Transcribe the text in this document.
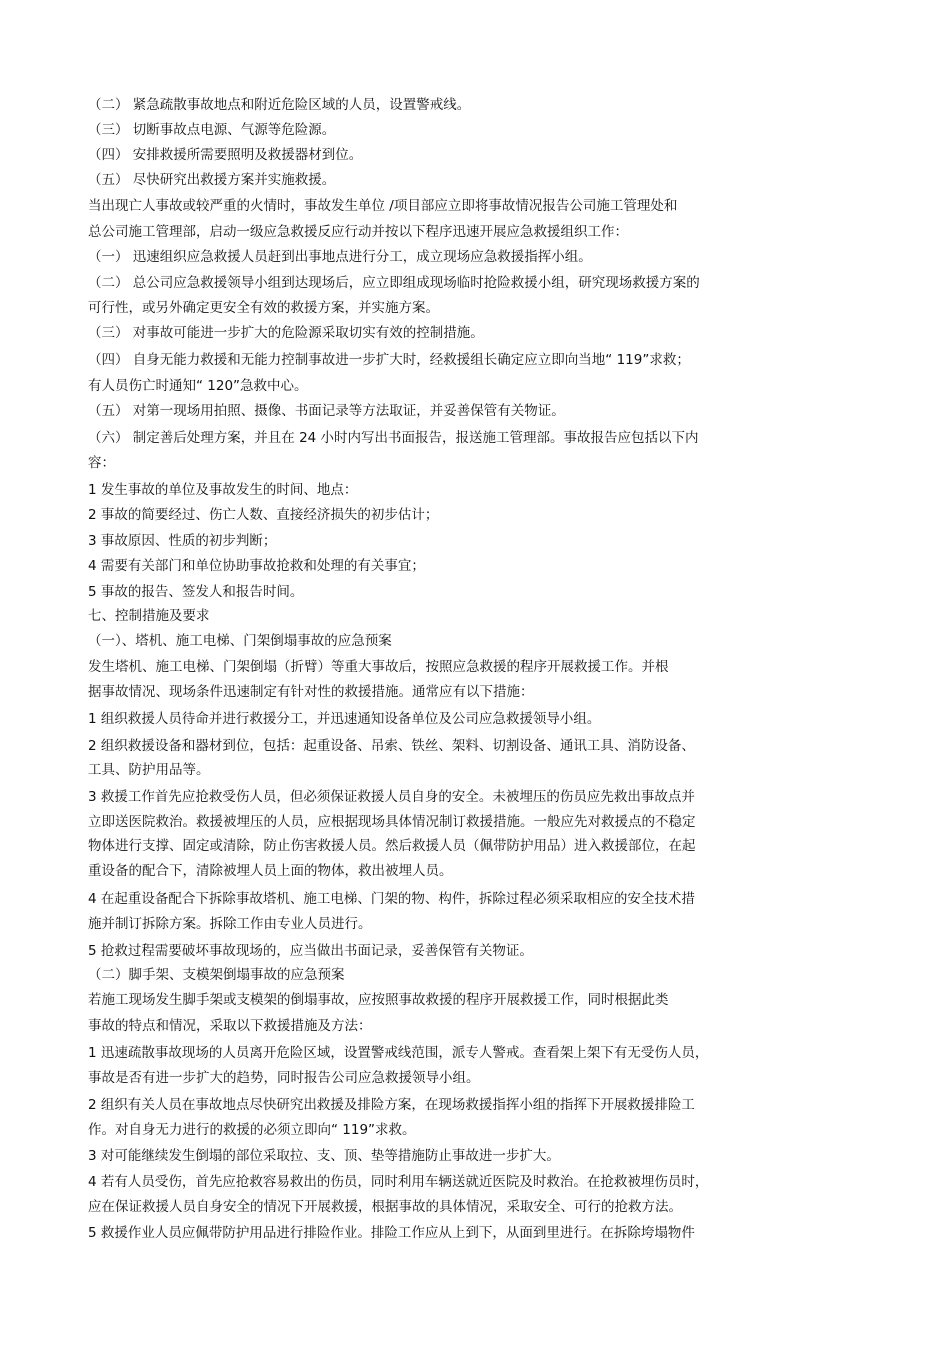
（二） 紧急疏散事故地点和附近危险区域的人员，设置警戒线。
（三） 切断事故点电源、气源等危险源。
（四） 安排救援所需要照明及救援器材到位。
（五） 尽快研究出救援方案并实施救援。
当出现亡人事故或较严重的火情时，事故发生单位 /项目部应立即将事故情况报告公司施工管理处和
总公司施工管理部，启动一级应急救援反应行动并按以下程序迅速开展应急救援组织工作：
（一） 迅速组织应急救援人员赶到出事地点进行分工，成立现场应急救援指挥小组。
（二） 总公司应急救援领导小组到达现场后，应立即组成现场临时抢险救援小组，研究现场救援方案的
可行性，或另外确定更安全有效的救援方案，并实施方案。
（三） 对事故可能进一步扩大的危险源采取切实有效的控制措施。
（四） 自身无能力救援和无能力控制事故进一步扩大时，经救援组长确定应立即向当地“ 119”求救；
有人员伤亡时通知“ 120”急救中心。
（五） 对第一现场用拍照、摄像、书面记录等方法取证，并妥善保管有关物证。
（六） 制定善后处理方案，并且在 24 小时内写出书面报告，报送施工管理部。事故报告应包括以下内
容：
1 发生事故的单位及事故发生的时间、地点：
2 事故的简要经过、伤亡人数、直接经济损失的初步估计；
3 事故原因、性质的初步判断；
4 需要有关部门和单位协助事故抢救和处理的有关事宜；
5 事故的报告、签发人和报告时间。
七、控制措施及要求
（一）、塔机、施工电梯、门架倒塌事故的应急预案
发生塔机、施工电梯、门架倒塌（折臂）等重大事故后，按照应急救援的程序开展救援工作。并根
据事故情况、现场条件迅速制定有针对性的救援措施。通常应有以下措施：
1 组织救援人员待命并进行救援分工，并迅速通知设备单位及公司应急救援领导小组。
2 组织救援设备和器材到位，包括：起重设备、吊索、铁丝、架料、切割设备、通讯工具、消防设备、
工具、防护用品等。
3 救援工作首先应抢救受伤人员，但必须保证救援人员自身的安全。未被埋压的伤员应先救出事故点并
立即送医院救治。救援被埋压的人员，应根据现场具体情况制订救援措施。一般应先对救援点的不稳定
物体进行支撑、固定或清除，防止伤害救援人员。然后救援人员（佩带防护用品）进入救援部位，在起
重设备的配合下，清除被埋人员上面的物体，救出被埋人员。
4 在起重设备配合下拆除事故塔机、施工电梯、门架的物、构件，拆除过程必须采取相应的安全技术措
施并制订拆除方案。拆除工作由专业人员进行。
5 抢救过程需要破坏事故现场的，应当做出书面记录，妥善保管有关物证。
（二）脚手架、支模架倒塌事故的应急预案
若施工现场发生脚手架或支模架的倒塌事故，应按照事故救援的程序开展救援工作，同时根据此类
事故的特点和情况，采取以下救援措施及方法：
1 迅速疏散事故现场的人员离开危险区域，设置警戒线范围，派专人警戒。查看架上架下有无受伤人员，
事故是否有进一步扩大的趋势，同时报告公司应急救援领导小组。
2 组织有关人员在事故地点尽快研究出救援及排险方案，在现场救援指挥小组的指挥下开展救援排险工
作。对自身无力进行的救援的必须立即向“ 119”求救。
3 对可能继续发生倒塌的部位采取拉、支、顶、垫等措施防止事故进一步扩大。
4 若有人员受伤，首先应抢救容易救出的伤员，同时利用车辆送就近医院及时救治。在抢救被埋伤员时，
应在保证救援人员自身安全的情况下开展救援，根据事故的具体情况，采取安全、可行的抢救方法。
5 救援作业人员应佩带防护用品进行排险作业。排险工作应从上到下，从面到里进行。在拆除垮塌物件
